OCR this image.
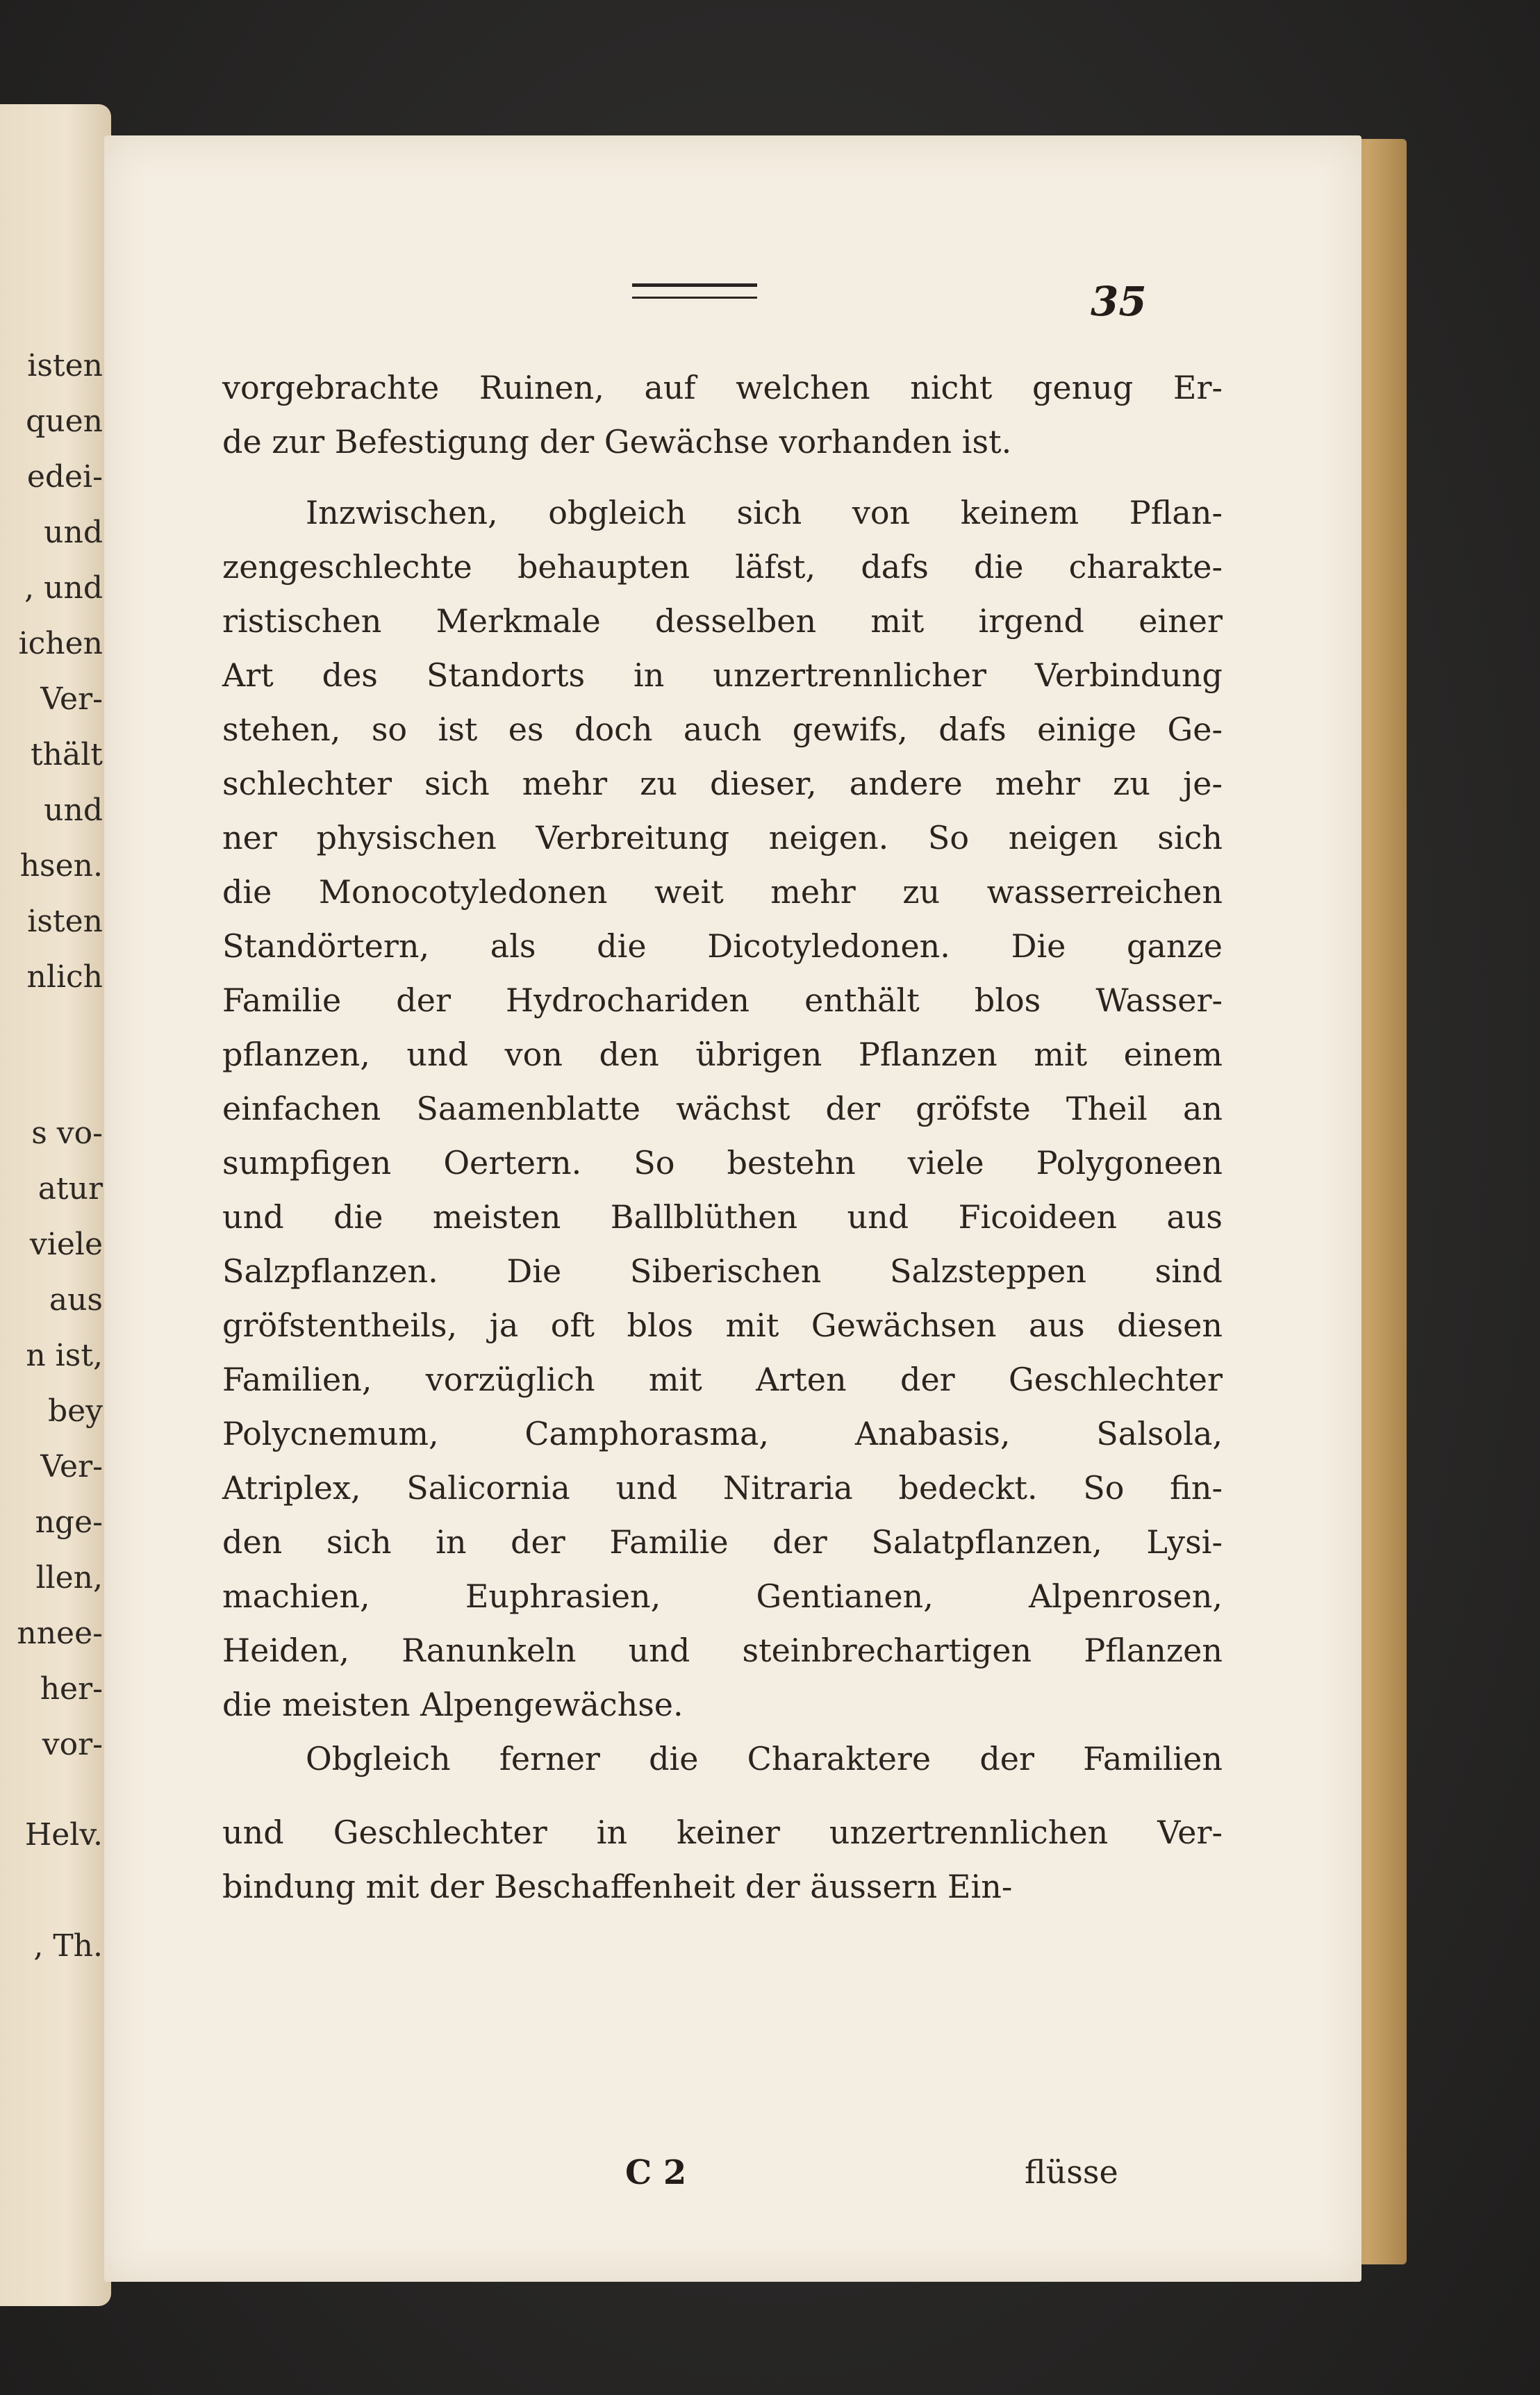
isten
quen
edei-
und
, und
ichen
Ver-
thält
und
hsen.
isten
nlich
s vo-
atur
viele
aus
n ist,
bey
Ver-
nge-
llen,
nnee-
her-
vor-
Helv.
, Th.
35
vorgebrachte Ruinen, auf welchen nicht genug Er-
de zur Befestigung der Gewächse vorhanden ist.
Inzwischen, obgleich sich von keinem Pflan-
zengeschlechte behaupten läfst, dafs die charakte-
ristischen Merkmale desselben mit irgend einer
Art des Standorts in unzertrennlicher Verbindung
stehen, so ist es doch auch gewifs, dafs einige Ge-
schlechter sich mehr zu dieser, andere mehr zu je-
ner physischen Verbreitung neigen. So neigen sich
die Monocotyledonen weit mehr zu wasserreichen
Standörtern, als die Dicotyledonen. Die ganze
Familie der Hydrochariden enthält blos Wasser-
pflanzen, und von den übrigen Pflanzen mit einem
einfachen Saamenblatte wächst der gröfste Theil an
sumpfigen Oertern. So bestehn viele Polygoneen
und die meisten Ballblüthen und Ficoideen aus
Salzpflanzen. Die Siberischen Salzsteppen sind
gröfstentheils, ja oft blos mit Gewächsen aus diesen
Familien, vorzüglich mit Arten der Geschlechter
Polycnemum, Camphorasma, Anabasis, Salsola,
Atriplex, Salicornia und Nitraria bedeckt. So fin-
den sich in der Familie der Salatpflanzen, Lysi-
machien, Euphrasien, Gentianen, Alpenrosen,
Heiden, Ranunkeln und steinbrechartigen Pflanzen
die meisten Alpengewächse.
Obgleich ferner die Charaktere der Familien
und Geschlechter in keiner unzertrennlichen Ver-
bindung mit der Beschaffenheit der äussern Ein-
C 2	flüsse
